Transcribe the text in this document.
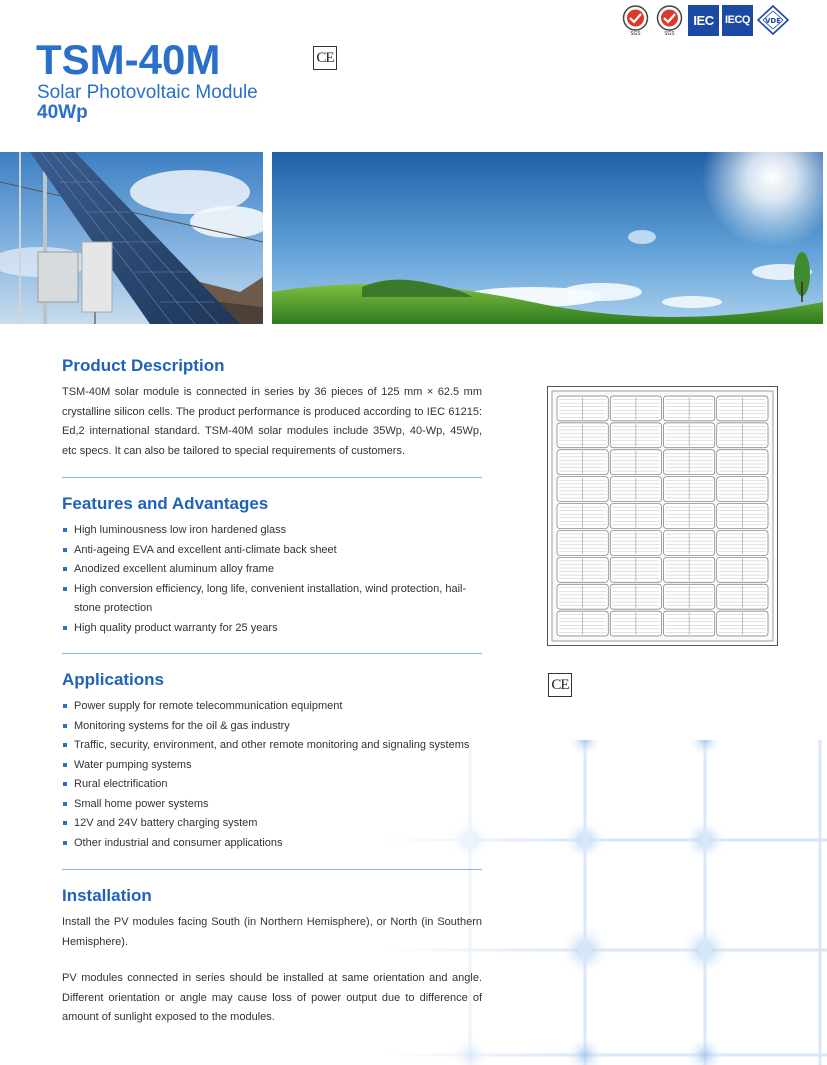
SGS	SGS
IEC	IECQ	VDE
TSM-40M
Solar Photovoltaic Module
40Wp
CE
Product Description
TSM-40M solar module is connected in series by 36 pieces of 125 mm × 62.5 mm crystalline silicon cells. The product performance is produced according to IEC 61215: Ed,2 international standard. TSM-40M solar modules include 35Wp, 40-Wp, 45Wp, etc specs. It can also be tailored to special requirements of customers.
Features and Advantages
High luminousness low iron hardened glass
Anti-ageing EVA and excellent anti-climate back sheet
Anodized excellent aluminum alloy frame
High conversion efficiency, long life, convenient installation, wind protection, hail-stone protection
High quality product warranty for 25 years
Applications
Power supply for remote telecommunication equipment
Monitoring systems for the oil & gas industry
Traffic, security, environment, and other remote monitoring and signaling systems
Water pumping systems
Rural electrification
Small home power systems
12V and 24V battery charging system
Other industrial and consumer applications
Installation
Install the PV modules facing South (in Northern Hemisphere), or North (in Southern Hemisphere).
PV modules connected in series should be installed at same orientation and angle. Different orientation or angle may cause loss of power output due to difference of amount of sunlight exposed to the modules.
CE
